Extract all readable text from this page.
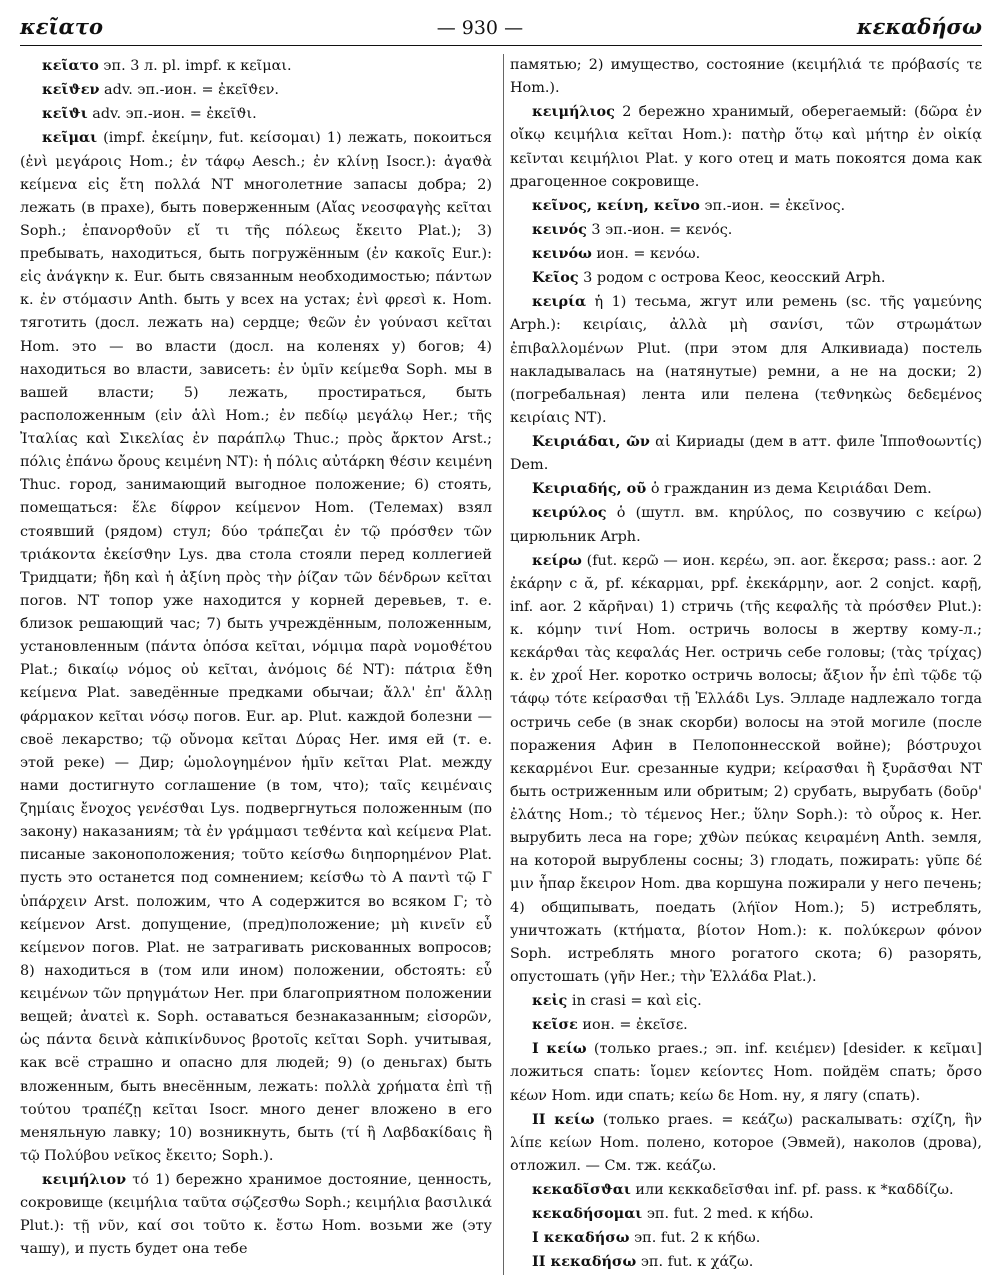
κεῖατο	— 930 —	κεκαδήσω

κεῖατο эп. 3 л. pl. impf. к κεῖμαι.

κεῖϑεν adv. эп.-ион. = ἐκεῖϑεν.

κεῖϑι adv. эп.-ион. = ἐκεῖϑι.

κεῖμαι (impf. ἐκείμην, fut. κείσομαι) 1) лежать, покоиться (ἐνὶ μεγάροις Hom.; ἐν τάφῳ Aesch.; ἐν κλίνῃ Isocr.): ἀγαϑὰ κείμενα εἰς ἔτη πολλά NT многолетние запасы добра; 2) лежать (в прахе), быть поверженным (Αἴας νεοσφαγὴς κεῖται Soph.; ἐπανορϑοῦν εἴ τι τῆς πόλεως ἔκειτο Plat.); 3) пребывать, находиться, быть погружённым (ἐν κακοῖς Eur.): εἰς ἀνάγκην κ. Eur. быть связанным необходимостью; πάντων κ. ἐν στόμασιν Anth. быть у всех на устах; ἐνὶ φρεσὶ κ. Hom. тяготить (досл. лежать на) сердце; ϑεῶν ἐν γούνασι κεῖται Hom. это — во власти (досл. на коленях у) богов; 4) находиться во власти, зависеть: ἐν ὑμῖν κείμεϑα Soph. мы в вашей власти; 5) лежать, простираться, быть расположенным (εἰν ἁλὶ Hom.; ἐν πεδίῳ μεγάλῳ Her.; τῆς Ἰταλίας καὶ Σικελίας ἐν παράπλῳ Thuc.; πρὸς ἄρκτον Arst.; πόλις ἐπάνω ὄρους κειμένη NT): ἡ πόλις αὐτάρκη ϑέσιν κειμένη Thuc. город, занимающий выгодное положение; 6) стоять, помещаться: ἕλε δίφρον κείμενον Hom. (Телемах) взял стоявший (рядом) стул; δύο τράπεζαι ἐν τῷ πρόσϑεν τῶν τριάκοντα ἐκείσϑην Lys. два стола стояли перед коллегией Тридцати; ἤδη καὶ ἡ ἀξίνη πρὸς τὴν ῥίζαν τῶν δένδρων κεῖται погов. NT топор уже находится у корней деревьев, т. е. близок решающий час; 7) быть учреждённым, положенным, установленным (πάντα ὁπόσα κεῖται, νόμιμα παρὰ νομοϑέτου Plat.; δικαίῳ νόμος οὐ κεῖται, ἀνόμοις δέ NT): πάτρια ἔϑη κείμενα Plat. заведённые предками обычаи; ἄλλ' ἐπ' ἄλλῃ φάρμακον κεῖται νόσῳ погов. Eur. ap. Plut. каждой болезни — своё лекарство; τῷ οὔνομα κεῖται Δύρας Her. имя ей (т. е. этой реке) — Дир; ὡμολογημένον ἡμῖν κεῖται Plat. между нами достигнуто соглашение (в том, что); ταῖς κειμέναις ζημίαις ἔνοχος γενέσϑαι Lys. подвергнуться положенным (по закону) наказаниям; τὰ ἐν γράμμασι τεϑέντα καὶ κείμενα Plat. писаные законоположения; τοῦτο κείσϑω διηπορημένον Plat. пусть это останется под сомнением; κείσϑω τὸ Α παντὶ τῷ Γ ὑπάρχειν Arst. положим, что Α содержится во всяком Γ; τὸ κείμενον Arst. допущение, (пред)положение; μὴ κινεῖν εὖ κείμενον погов. Plat. не затрагивать рискованных вопросов; 8) находиться в (том или ином) положении, обстоять: εὖ κειμένων τῶν πρηγμάτων Her. при благоприятном положении вещей; ἀνατεὶ κ. Soph. оставаться безнаказанным; εἰσορῶν, ὡς πάντα δεινὰ κἀπικίνδυνος βροτοῖς κεῖται Soph. учитывая, как всё страшно и опасно для людей; 9) (о деньгах) быть вложенным, быть внесённым, лежать: πολλὰ χρήματα ἐπὶ τῇ τούτου τραπέζῃ κεῖται Isocr. много денег вложено в его меняльную лавку; 10) возникнуть, быть (τί ἢ Λαβδακίδαις ἢ τῷ Πολύβου νεῖκος ἔκειτο; Soph.).

κειμήλιον τό 1) бережно хранимое достояние, ценность, сокровище (κειμήλια ταῦτα σῴζεσϑω Soph.; κειμήλια βασιλικά Plut.): τῇ νῦν, καί σοι τοῦτο κ. ἔστω Hom. возьми же (эту чашу), и пусть будет она тебе

памятью; 2) имущество, состояние (κειμήλιά τε πρόβασίς τε Hom.).

κειμήλιος 2 бережно хранимый, оберегаемый: (δῶρα ἐν οἴκῳ κειμήλια κεῖται Hom.): πατὴρ ὅτῳ καὶ μήτηρ ἐν οἰκίᾳ κεῖνται κειμήλιοι Plat. у кого отец и мать покоятся дома как драгоценное сокровище.

κεῖνος, κείνη, κεῖνο эп.-ион. = ἐκεῖνος.

κεινός 3 эп.-ион. = κενός.

κεινόω ион. = κενόω.

Κεῖος 3 родом с острова Кеос, кеосский Arph.

κειρία ἡ 1) тесьма, жгут или ремень (sc. τῆς γαμεύνης Arph.): κειρίαις, ἀλλὰ μὴ σανίσι, τῶν στρωμάτων ἐπιβαλλομένων Plut. (при этом для Алкивиада) постель накладывалась на (натянутые) ремни, а не на доски; 2) (погребальная) лента или пелена (τεϑνηκὼς δεδεμένος κειρίαις NT).

Κειριάδαι, ῶν αἱ Кириады (дем в атт. филе Ἱπποϑοωντίς) Dem.

Κειριαδής, οῦ ὁ гражданин из дема Κειριάδαι Dem.

κειρύλος ὁ (шутл. вм. κηρύλος, по созвучию с κείρω) цирюльник Arph.

κείρω (fut. κερῶ — ион. κερέω, эп. aor. ἔκερσα; pass.: aor. 2 ἐκάρην с ᾰ, pf. κέκαρμαι, ppf. ἐκεκάρμην, aor. 2 conjct. καρῇ, inf. aor. 2 κᾰρῆναι) 1) стричь (τῆς κεφαλῆς τὰ πρόσϑεν Plut.): κ. κόμην τινί Hom. остричь волосы в жертву кому-л.; κεκάρϑαι τὰς κεφαλάς Her. остричь себе головы; (τὰς τρίχας) κ. ἐν χροΐ Her. коротко остричь волосы; ἄξιον ἦν ἐπὶ τῷδε τῷ τάφῳ τότε κείρασϑαι τῇ Ἑλλάδι Lys. Элладе надлежало тогда остричь себе (в знак скорби) волосы на этой могиле (после поражения Афин в Пелопоннесской войне); βόστρυχοι κεκαρμένοι Eur. срезанные кудри; κείρασϑαι ἢ ξυρᾶσϑαι NT быть остриженным или обритым; 2) срубать, вырубать (δοῦρ' ἐλάτης Hom.; τὸ τέμενος Her.; ὕλην Soph.): τὸ οὖρος κ. Her. вырубить леса на горе; χϑὼν πεύκας κειραμένη Anth. земля, на которой вырублены сосны; 3) глодать, пожирать: γῦπε δέ μιν ἧπαρ ἔκειρον Hom. два коршуна пожирали у него печень; 4) общипывать, поедать (λήϊον Hom.); 5) истреблять, уничтожать (κτήματα, βίοτον Hom.): κ. πολύκερων φόνον Soph. истреблять много рогатого скота; 6) разорять, опустошать (γῆν Her.; τὴν Ἑλλάδα Plat.).

κεἰς in crasi = καὶ εἰς.

κεῖσε ион. = ἐκεῖσε.

I κείω (только praes.; эп. inf. κειέμεν) [desider. к κεῖμαι] ложиться спать: ἴομεν κείοντες Hom. пойдём спать; ὄρσο κέων Hom. иди спать; κείω δε Hom. ну, я лягу (спать).

II κείω (только praes. = κεάζω) раскалывать: σχίζη, ἣν λίπε κείων Hom. полено, которое (Эвмей), наколов (дрова), отложил. — См. тж. κεάζω.

κεκαδῖσϑαι или κεκκαδεῖσϑαι inf. pf. pass. к *καδδίζω.

κεκαδήσομαι эп. fut. 2 med. к κήδω.

I κεκαδήσω эп. fut. 2 к κήδω.

II κεκαδήσω эп. fut. к χάζω.
